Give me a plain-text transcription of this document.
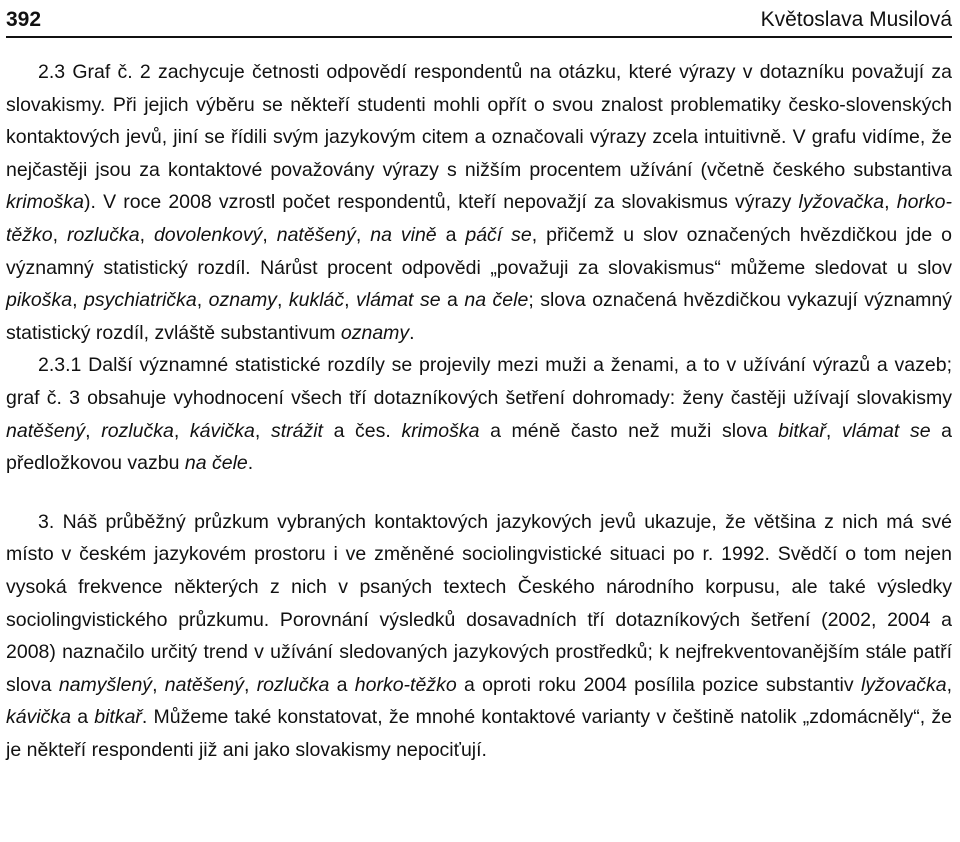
392	Květoslava Musilová

2.3 Graf č. 2 zachycuje četnosti odpovědí respondentů na otázku, které výrazy v dotazníku považují za slovakismy. Při jejich výběru se někteří studenti mohli opřít o svou znalost problematiky česko-slovenských kontaktových jevů, jiní se řídili svým jazykovým citem a označovali výrazy zcela intuitivně. V grafu vidíme, že nejčastěji jsou za kontaktové považovány výrazy s nižším procentem užívání (včetně českého substantiva krimoška). V roce 2008 vzrostl počet respondentů, kteří nepovažjí za slovakismus výrazy lyžovačka, horko-těžko, rozlučka, dovolenkový, natěšený, na vině a páčí se, přičemž u slov označených hvězdičkou jde o významný statistický rozdíl. Nárůst procent odpovědi „považuji za slovakismus“ můžeme sledovat u slov pikoška, psychiatrička, oznamy, kukláč, vlámat se a na čele; slova označená hvězdičkou vykazují významný statistický rozdíl, zvláště substantivum oznamy.

2.3.1 Další významné statistické rozdíly se projevily mezi muži a ženami, a to v užívání výrazů a vazeb; graf č. 3 obsahuje vyhodnocení všech tří dotazníkových šetření dohromady: ženy častěji užívají slovakismy natěšený, rozlučka, kávička, strážit a čes. krimoška a méně často než muži slova bitkař, vlámat se a předložkovou vazbu na čele.

3. Náš průběžný průzkum vybraných kontaktových jazykových jevů ukazuje, že většina z nich má své místo v českém jazykovém prostoru i ve změněné sociolingvistické situaci po r. 1992. Svědčí o tom nejen vysoká frekvence některých z nich v psaných textech Českého národního korpusu, ale také výsledky sociolingvistického průzkumu. Porovnání výsledků dosavadních tří dotazníkových šetření (2002, 2004 a 2008) naznačilo určitý trend v užívání sledovaných jazykových prostředků; k nejfrekventovanějším stále patří slova namyšlený, natěšený, rozlučka a horko-těžko a oproti roku 2004 posílila pozice substantiv lyžovačka, kávička a bitkař. Můžeme také konstatovat, že mnohé kontaktové varianty v češtině natolik „zdomácněly“, že je někteří respondenti již ani jako slovakismy nepociťují.
